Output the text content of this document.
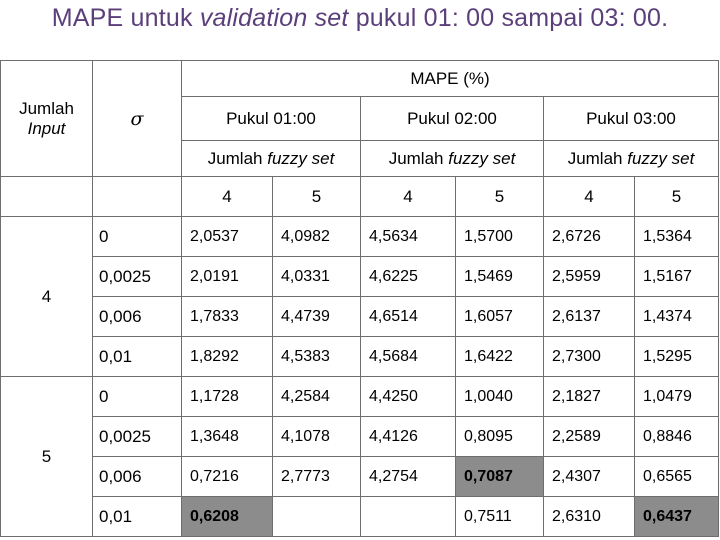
MAPE untuk validation set pukul 01: 00 sampai 03: 00.
Jumlah
Input	σ	MAPE (%)					
		Pukul 01:00		Pukul 02:00		Pukul 03:00	
		Jumlah fuzzy set		Jumlah fuzzy set		Jumlah fuzzy set	
		4	5	4	5	4	5
4	0	2,0537	4,0982	4,5634	1,5700	2,6726	1,5364
	0,0025	2,0191	4,0331	4,6225	1,5469	2,5959	1,5167
	0,006	1,7833	4,4739	4,6514	1,6057	2,6137	1,4374
	0,01	1,8292	4,5383	4,5684	1,6422	2,7300	1,5295
5	0	1,1728	4,2584	4,4250	1,0040	2,1827	1,0479
	0,0025	1,3648	4,1078	4,4126	0,8095	2,2589	0,8846
	0,006	0,7216	2,7773	4,2754	0,7087	2,4307	0,6565
	0,01	0,6208			0,7511	2,6310	0,6437
